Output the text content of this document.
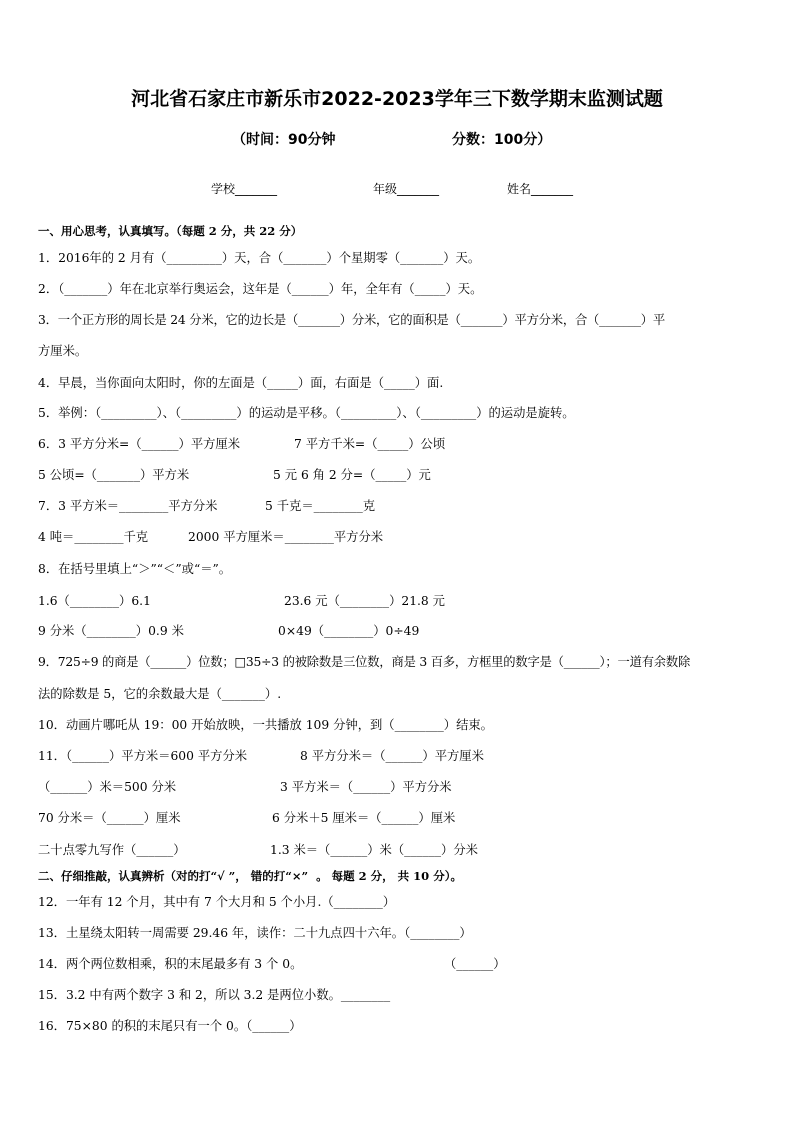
河北省石家庄市新乐市2022-2023学年三下数学期末监测试题
（时间：90分钟	分数：100分）
学校_______	年级_______	姓名_______
一、用心思考，认真填写。（每题 2 分，共 22 分）
1．2016年的 2 月有（_________）天，合（_______）个星期零（_______）天。
2．（_______）年在北京举行奥运会，这年是（______）年，全年有（_____）天。
3．一个正方形的周长是 24 分米，它的边长是（_______）分米，它的面积是（_______）平方分米，合（_______）平
方厘米。
4．早晨，当你面向太阳时，你的左面是（_____）面，右面是（_____）面.
5．举例：（_________）、（_________）的运动是平移。（_________）、（_________）的运动是旋转。
6．3 平方分米=（______）平方厘米	7 平方千米=（_____）公顷
5 公顷=（_______）平方米	5 元 6 角 2 分=（_____）元
7．3 平方米＝________平方分米	5 千克＝________克
4 吨＝________千克	2000 平方厘米＝________平方分米
8．在括号里填上“＞”“＜”或“＝”。
1.6（________）6.1	23.6 元（________）21.8 元
9 分米（________）0.9 米	0×49（________）0÷49
9．725÷9 的商是（______）位数；□35÷3 的被除数是三位数，商是 3 百多，方框里的数字是（______）；一道有余数除
法的除数是 5，它的余数最大是（_______）.
10．动画片哪吒从 19：00 开始放映，一共播放 109 分钟，到（________）结束。
11．（______）平方米＝600 平方分米	8 平方分米＝（______）平方厘米
（______）米＝500 分米	3 平方米＝（______）平方分米
70 分米＝（______）厘米	6 分米＋5 厘米＝（______）厘米
二十点零九写作（______）	1.3 米＝（______）米（______）分米
二、仔细推敲，认真辨析（对的打“√ ”， 错的打“×”  。 每题 2 分， 共 10 分）。
12．一年有 12 个月，其中有 7 个大月和 5 个小月.（________）
13．土星绕太阳转一周需要 29.46 年，读作：二十九点四十六年。（________）
14．两个两位数相乘，积的末尾最多有 3 个 0。	（______）
15．3.2 中有两个数字 3 和 2，所以 3.2 是两位小数。________
16．75×80 的积的末尾只有一个 0。（______）
